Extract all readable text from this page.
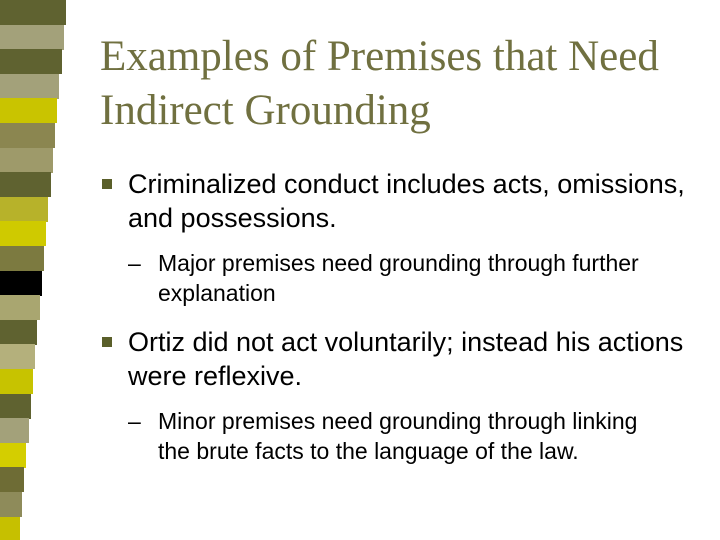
Examples of Premises that Need Indirect Grounding
Criminalized conduct includes acts, omissions, and possessions.
– Major premises need grounding through further explanation
Ortiz did not act voluntarily; instead his actions were reflexive.
– Minor premises need grounding through linking the brute facts to the language of the law.
